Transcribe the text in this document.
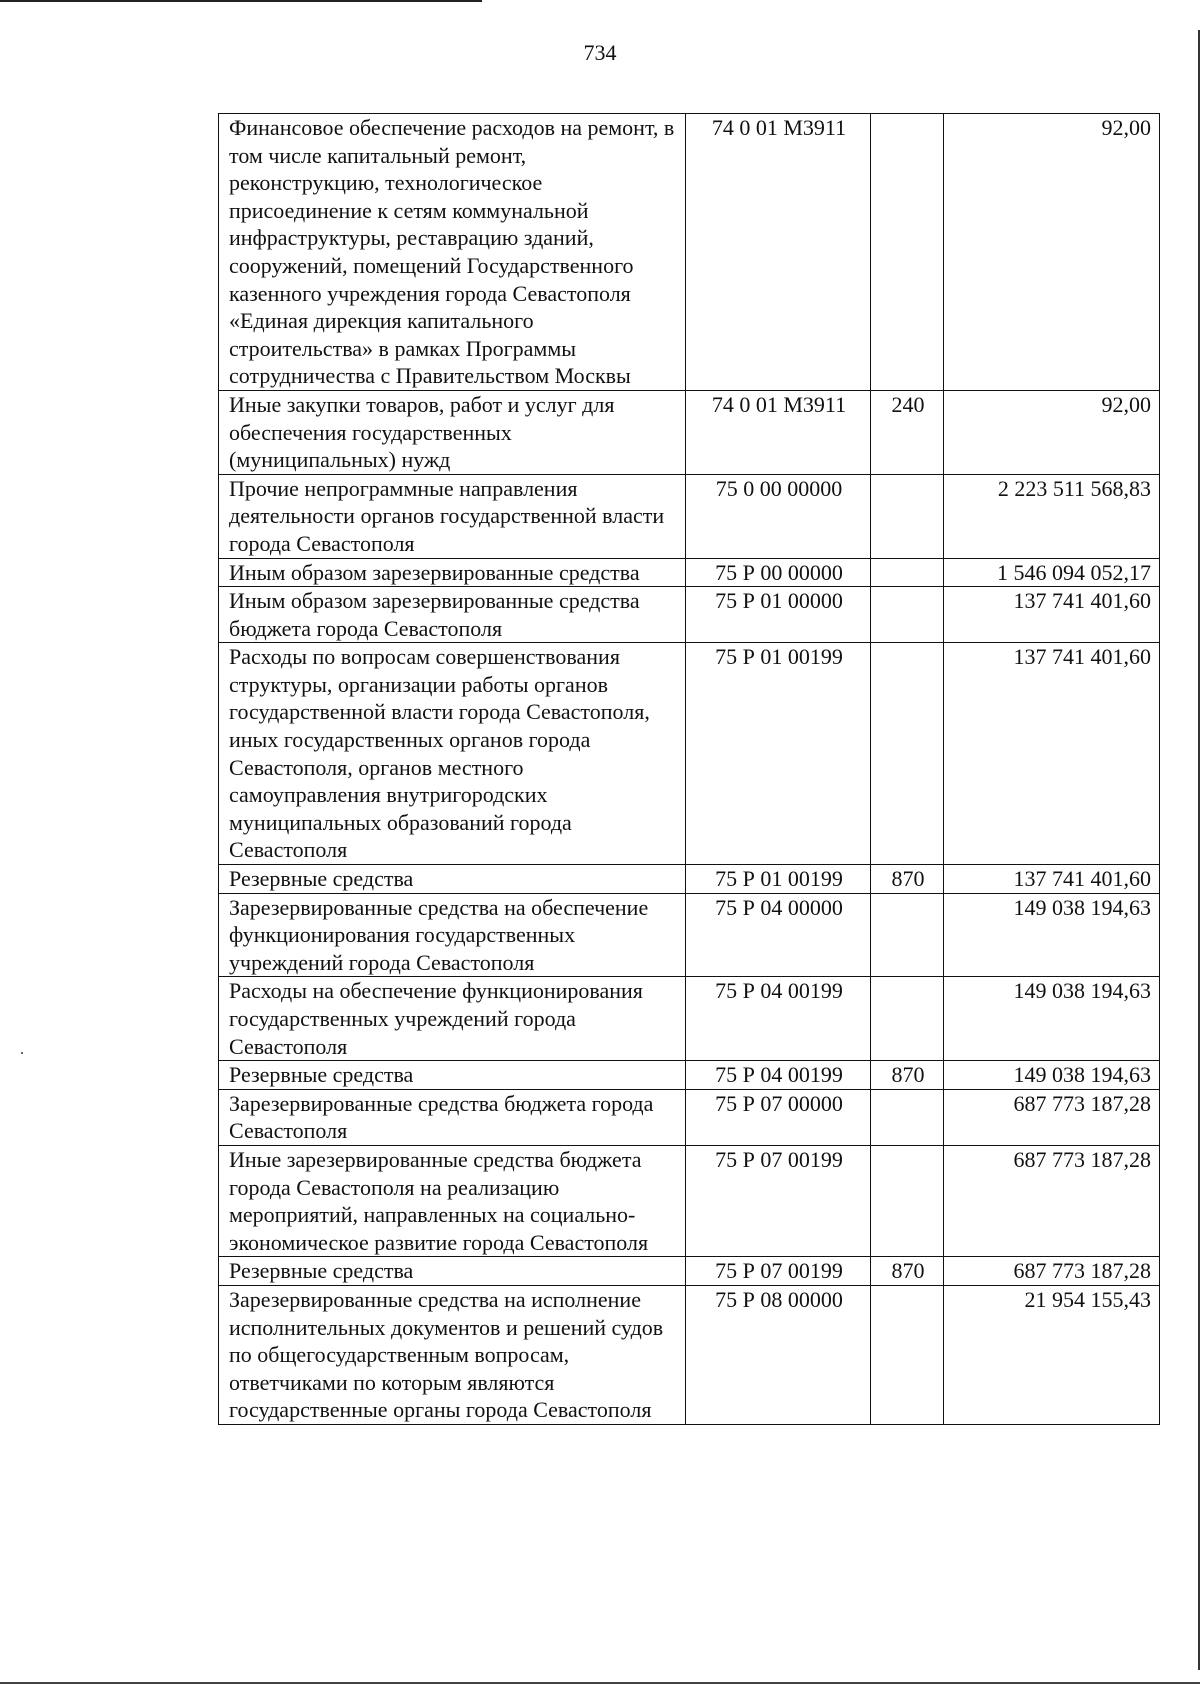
734
Финансовое обеспечение расходов на ремонт, в том числе капитальный ремонт, реконструкцию, технологическое присоединение к сетям коммунальной инфраструктуры, реставрацию зданий, сооружений, помещений Государственного казенного учреждения города Севастополя «Единая дирекция капитального строительства» в рамках Программы сотрудничества с Правительством Москвы	74 0 01 M3911		92,00
Иные закупки товаров, работ и услуг для обеспечения государственных (муниципальных) нужд	74 0 01 M3911	240	92,00
Прочие непрограммные направления деятельности органов государственной власти города Севастополя	75 0 00 00000		2 223 511 568,83
Иным образом зарезервированные средства	75 Р 00 00000		1 546 094 052,17
Иным образом зарезервированные средства бюджета города Севастополя	75 Р 01 00000		137 741 401,60
Расходы по вопросам совершенствования структуры, организации работы органов государственной власти города Севастополя, иных государственных органов города Севастополя, органов местного самоуправления внутригородских муниципальных образований города Севастополя	75 Р 01 00199		137 741 401,60
Резервные средства	75 Р 01 00199	870	137 741 401,60
Зарезервированные средства на обеспечение функционирования государственных учреждений города Севастополя	75 Р 04 00000		149 038 194,63
Расходы на обеспечение функционирования государственных учреждений города Севастополя	75 Р 04 00199		149 038 194,63
Резервные средства	75 Р 04 00199	870	149 038 194,63
Зарезервированные средства бюджета города Севастополя	75 Р 07 00000		687 773 187,28
Иные зарезервированные средства бюджета города Севастополя на реализацию мероприятий, направленных на социально-экономическое развитие города Севастополя	75 Р 07 00199		687 773 187,28
Резервные средства	75 Р 07 00199	870	687 773 187,28
Зарезервированные средства на исполнение исполнительных документов и решений судов по общегосударственным вопросам, ответчиками по которым являются государственные органы города Севастополя	75 Р 08 00000		21 954 155,43
